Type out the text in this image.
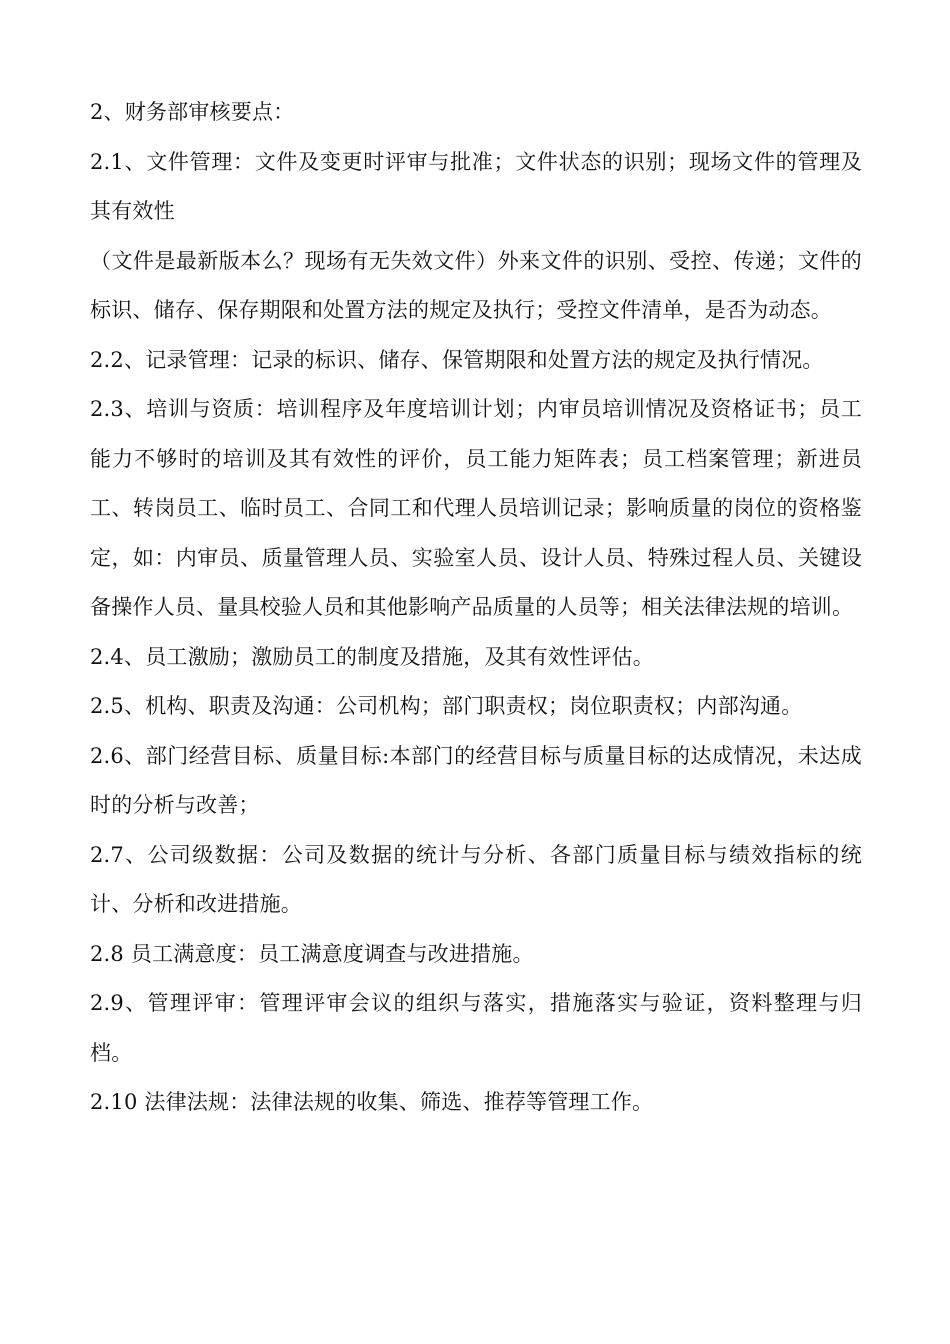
2、财务部审核要点：

2.1、文件管理：文件及变更时评审与批准；文件状态的识别；现场文件的管理及其有效性

（文件是最新版本么？现场有无失效文件）外来文件的识别、受控、传递；文件的标识、储存、保存期限和处置方法的规定及执行；受控文件清单，是否为动态。

2.2、记录管理：记录的标识、储存、保管期限和处置方法的规定及执行情况。

2.3、培训与资质：培训程序及年度培训计划；内审员培训情况及资格证书；员工能力不够时的培训及其有效性的评价，员工能力矩阵表；员工档案管理；新进员工、转岗员工、临时员工、合同工和代理人员培训记录；影响质量的岗位的资格鉴定，如：内审员、质量管理人员、实验室人员、设计人员、特殊过程人员、关键设备操作人员、量具校验人员和其他影响产品质量的人员等；相关法律法规的培训。

2.4、员工激励；激励员工的制度及措施，及其有效性评估。

2.5、机构、职责及沟通：公司机构；部门职责权；岗位职责权；内部沟通。

2.6、部门经营目标、质量目标:本部门的经营目标与质量目标的达成情况，未达成时的分析与改善；

2.7、公司级数据：公司及数据的统计与分析、各部门质量目标与绩效指标的统计、分析和改进措施。

2.8 员工满意度：员工满意度调查与改进措施。

2.9、管理评审：管理评审会议的组织与落实，措施落实与验证，资料整理与归档。

2.10 法律法规：法律法规的收集、筛选、推荐等管理工作。
